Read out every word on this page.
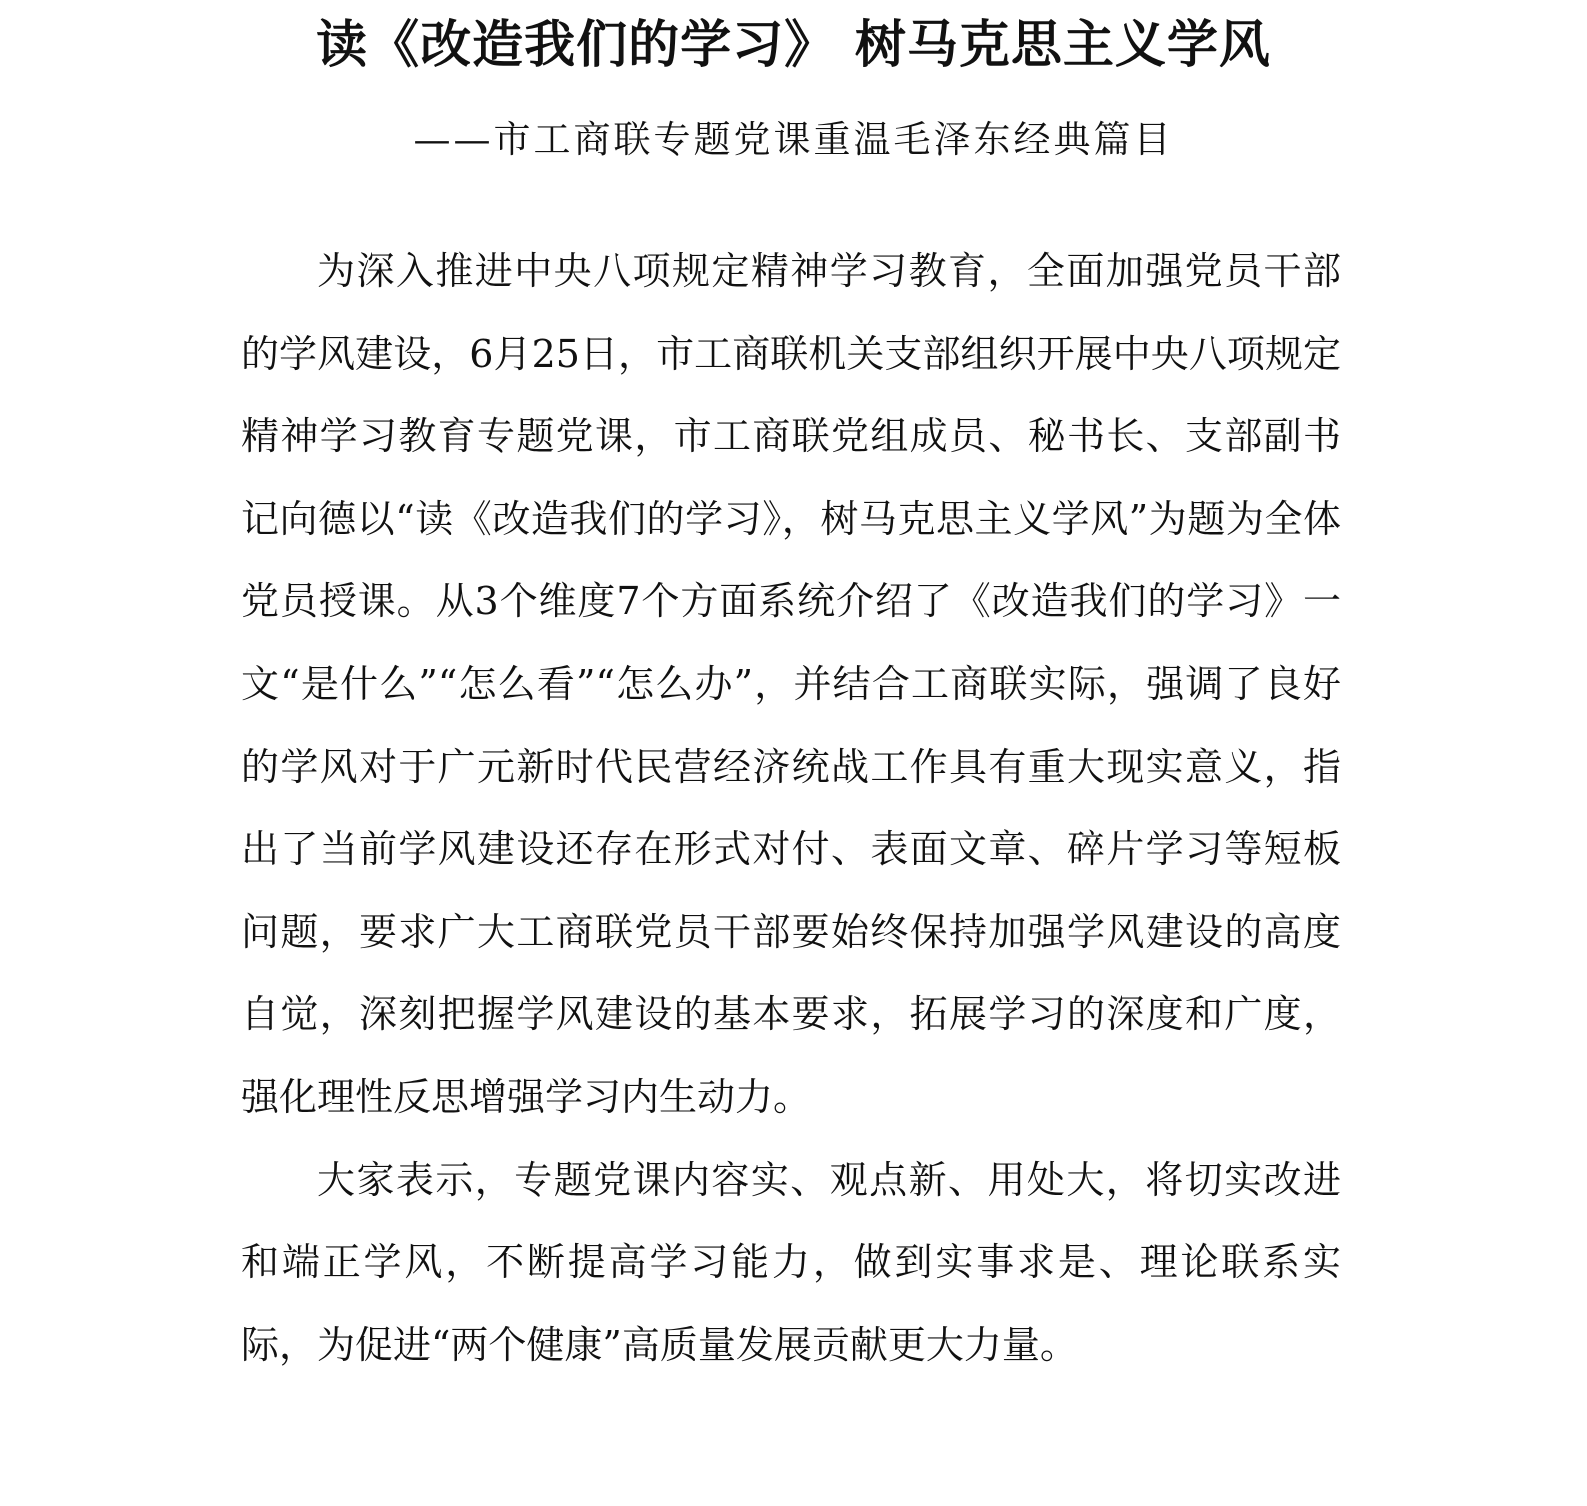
读《改造我们的学习》 树马克思主义学风
——市工商联专题党课重温毛泽东经典篇目

为深入推进中央八项规定精神学习教育，全面加强党员干部的学风建设，6月25日，市工商联机关支部组织开展中央八项规定精神学习教育专题党课，市工商联党组成员、秘书长、支部副书记向德以“读《改造我们的学习》，树马克思主义学风”为题为全体党员授课。从3个维度7个方面系统介绍了《改造我们的学习》一文“是什么”“怎么看”“怎么办”，并结合工商联实际，强调了良好的学风对于广元新时代民营经济统战工作具有重大现实意义，指出了当前学风建设还存在形式对付、表面文章、碎片学习等短板问题，要求广大工商联党员干部要始终保持加强学风建设的高度自觉，深刻把握学风建设的基本要求，拓展学习的深度和广度，强化理性反思增强学习内生动力。

大家表示，专题党课内容实、观点新、用处大，将切实改进和端正学风，不断提高学习能力，做到实事求是、理论联系实际，为促进“两个健康”高质量发展贡献更大力量。
